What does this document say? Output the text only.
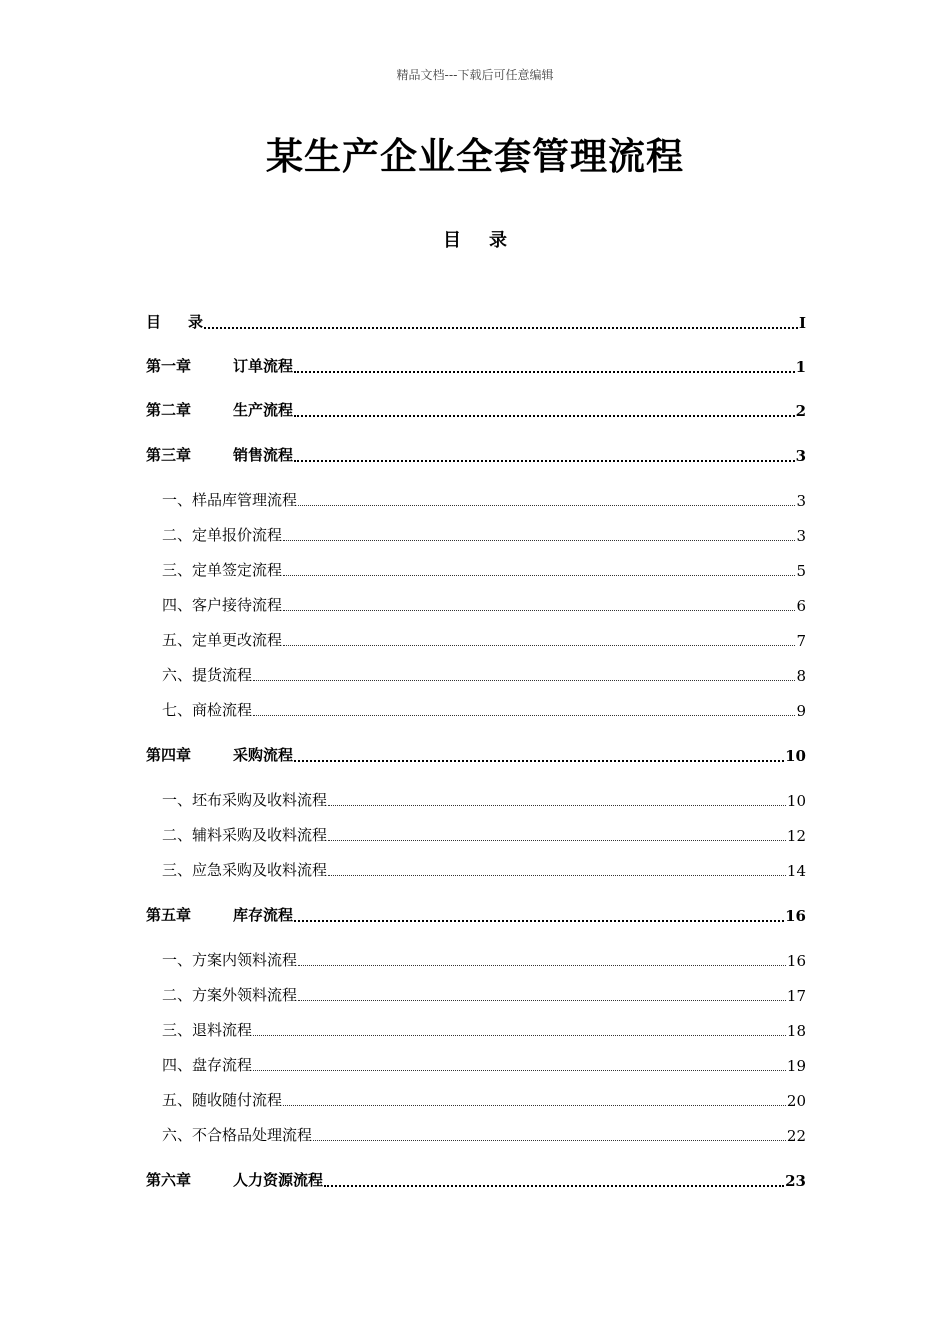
精品文档---下载后可任意编辑
某生产企业全套管理流程
目 录
目	录	I
第一章	订单流程	1
第二章	生产流程	2
第三章	销售流程	3
一、样品库管理流程	3
二、定单报价流程	3
三、定单签定流程	5
四、客户接待流程	6
五、定单更改流程	7
六、提货流程	8
七、商检流程	9
第四章	采购流程	10
一、坯布采购及收料流程	10
二、辅料采购及收料流程	12
三、应急采购及收料流程	14
第五章	库存流程	16
一、方案内领料流程	16
二、方案外领料流程	17
三、退料流程	18
四、盘存流程	19
五、随收随付流程	20
六、不合格品处理流程	22
第六章	人力资源流程	23
